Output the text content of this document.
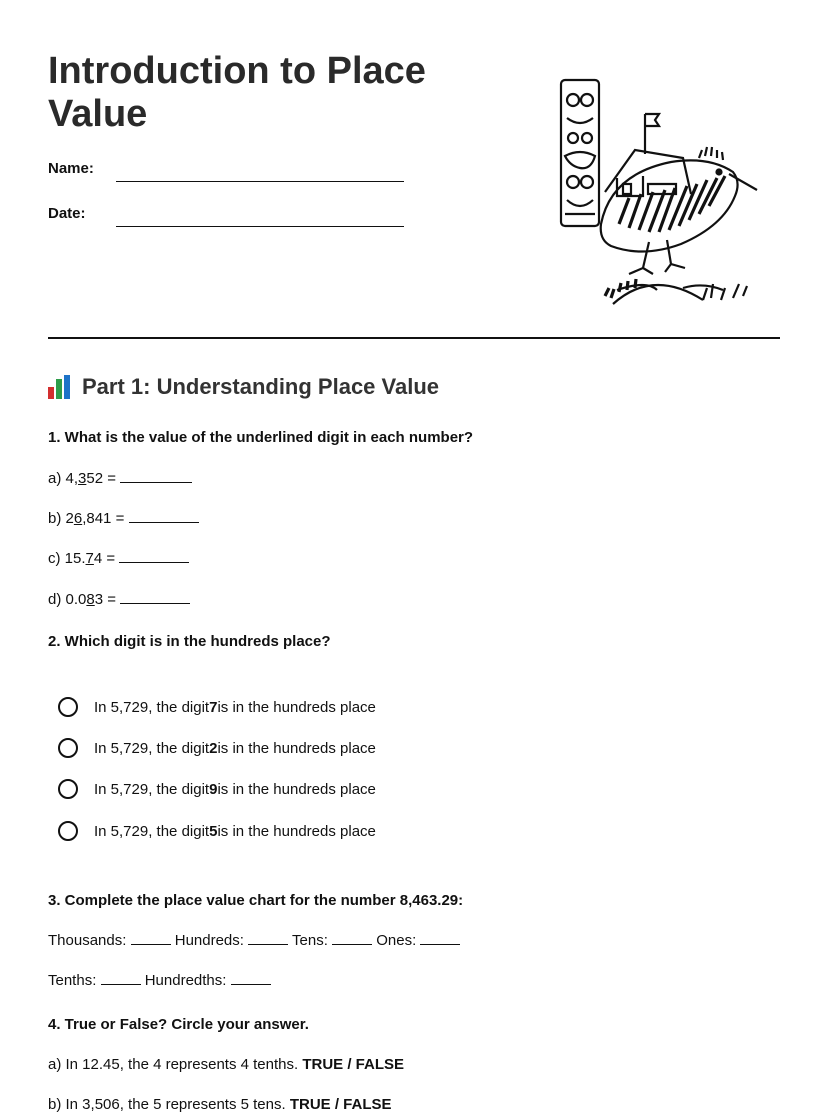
Introduction to Place Value
Name:
Date:
Part 1: Understanding Place Value

1. What is the value of the underlined digit in each number?

a) 4,352 =
b) 26,841 =
c) 15.74 =
d) 0.083 =

2. Which digit is in the hundreds place?

In 5,729, the digit 7 is in the hundreds place
In 5,729, the digit 2 is in the hundreds place
In 5,729, the digit 9 is in the hundreds place
In 5,729, the digit 5 is in the hundreds place

3. Complete the place value chart for the number 8,463.29:

Thousands:	Hundreds:	Tens:	Ones:
Tenths:	Hundredths:

4. True or False? Circle your answer.

a) In 12.45, the 4 represents 4 tenths. TRUE / FALSE
b) In 3,506, the 5 represents 5 tens. TRUE / FALSE
